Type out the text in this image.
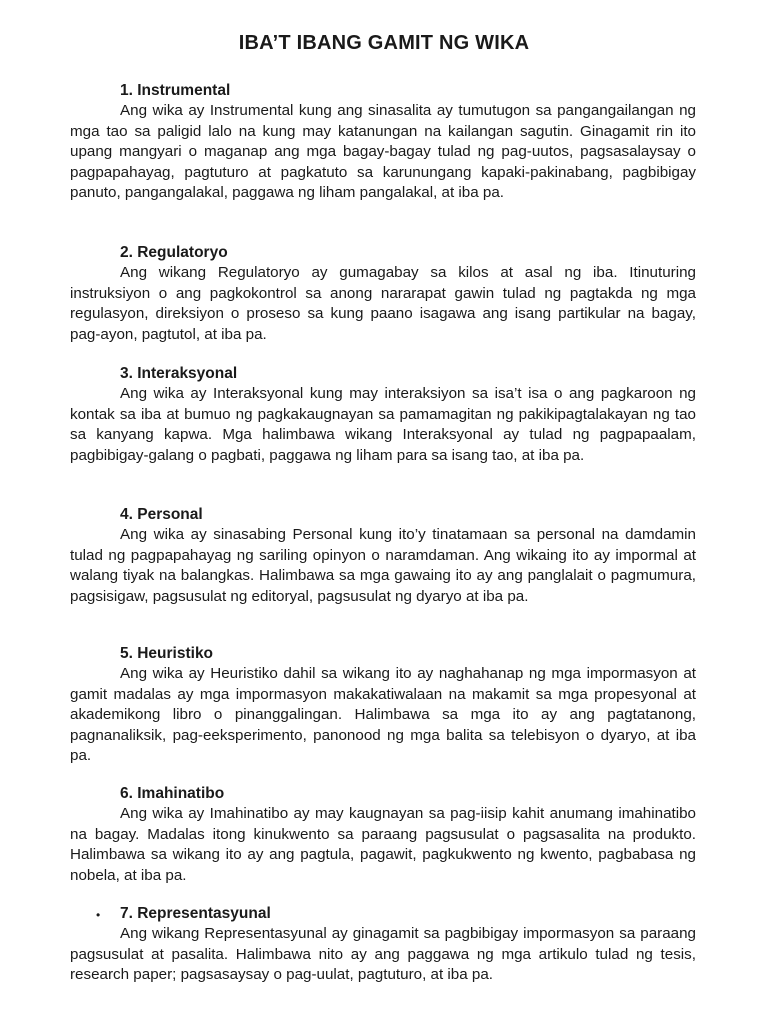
IBA’T IBANG GAMIT NG WIKA
1. Instrumental

Ang wika ay Instrumental kung ang sinasalita ay tumutugon sa pangangailangan ng mga tao sa paligid lalo na kung may katanungan na kailangan sagutin. Ginagamit rin ito upang mangyari o maganap ang mga bagay-bagay tulad ng pag-uutos, pagsasalaysay o pagpapahayag, pagtuturo at pagkatuto sa karunungang kapaki-pakinabang, pagbibigay panuto, pangangalakal, paggawa ng liham pangalakal, at iba pa.

2. Regulatoryo

Ang wikang Regulatoryo ay gumagabay sa kilos at asal ng iba. Itinuturing instruksiyon o ang pagkokontrol sa anong nararapat gawin tulad ng pagtakda ng mga regulasyon, direksiyon o proseso sa kung paano isagawa ang isang partikular na bagay, pag-ayon, pagtutol, at iba pa.

3. Interaksyonal

Ang wika ay Interaksyonal kung may interaksiyon sa isa’t isa o ang pagkaroon ng kontak sa iba at bumuo ng pagkakaugnayan sa pamamagitan ng pakikipagtalakayan ng tao sa kanyang kapwa. Mga halimbawa wikang Interaksyonal ay tulad ng pagpapaalam, pagbibigay-galang o pagbati, paggawa ng liham para sa isang tao, at iba pa.

4. Personal

Ang wika ay sinasabing Personal kung ito’y tinatamaan sa personal na damdamin tulad ng pagpapahayag ng sariling opinyon o naramdaman. Ang wikaing ito ay impormal at walang tiyak na balangkas. Halimbawa sa mga gawaing ito ay ang panglalait o pagmumura, pagsisigaw, pagsusulat ng editoryal, pagsusulat ng dyaryo at iba pa.

5. Heuristiko

Ang wika ay Heuristiko dahil sa wikang ito ay naghahanap ng mga impormasyon at gamit madalas ay mga impormasyon makakatiwalaan na makamit sa mga propesyonal at akademikong libro o pinanggalingan. Halimbawa sa mga ito ay ang pagtatanong, pagnanaliksik, pag-eeksperimento, panonood ng mga balita sa telebisyon o dyaryo, at iba pa.

6. Imahinatibo

Ang wika ay Imahinatibo ay may kaugnayan sa pag-iisip kahit anumang imahinatibo na bagay. Madalas itong kinukwento sa paraang pagsusulat o pagsasalita na produkto. Halimbawa sa wikang ito ay ang pagtula, pagawit, pagkukwento ng kwento, pagbabasa ng nobela, at iba pa.

• 7. Representasyunal

Ang wikang Representasyunal ay ginagamit sa pagbibigay impormasyon sa paraang pagsusulat at pasalita. Halimbawa nito ay ang paggawa ng mga artikulo tulad ng tesis, research paper; pagsasaysay o pag-uulat, pagtuturo, at iba pa.
